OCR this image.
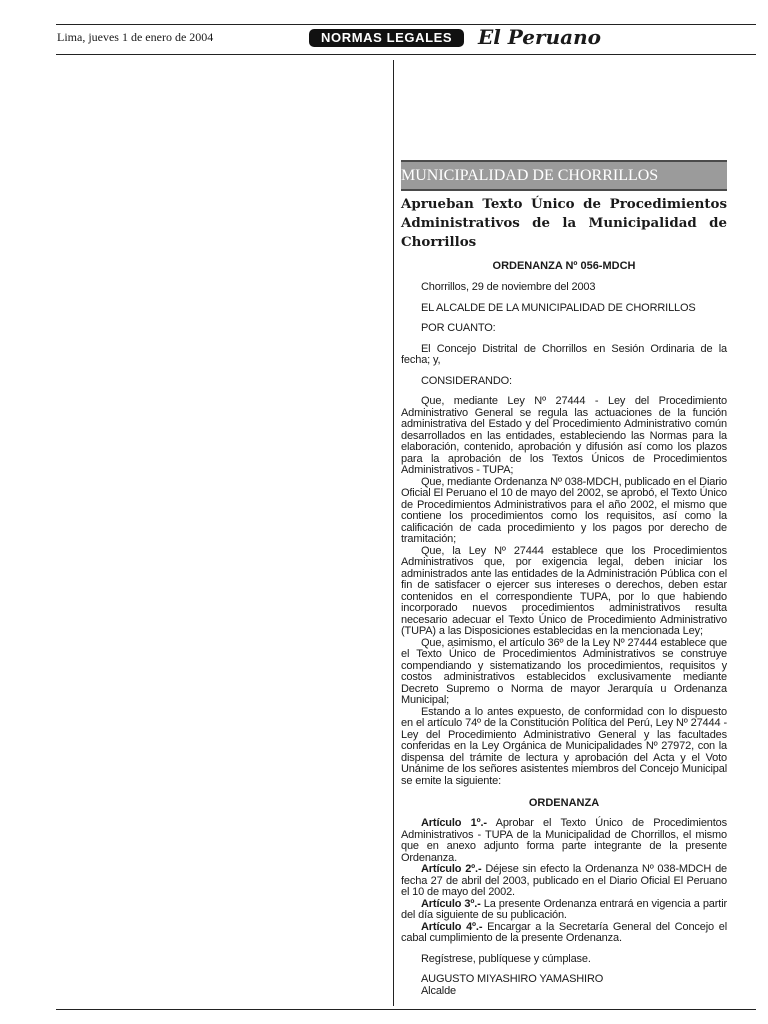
Lima, jueves 1 de enero de 2004	NORMAS LEGALES	El Peruano
MUNICIPALIDAD DE CHORRILLOS
Aprueban Texto Único de Procedimientos Administrativos de la Municipalidad de Chorrillos
ORDENANZA Nº 056-MDCH
Chorrillos, 29 de noviembre del 2003
EL ALCALDE DE LA MUNICIPALIDAD DE CHORRILLOS
POR CUANTO:
El Concejo Distrital de Chorrillos en Sesión Ordinaria de la fecha; y,
CONSIDERANDO:
Que, mediante Ley Nº 27444 - Ley del Procedimiento Administrativo General se regula las actuaciones de la función administrativa del Estado y del Procedimiento Administrativo común desarrollados en las entidades, estableciendo las Normas para la elaboración, contenido, aprobación y difusión así como los plazos para la aprobación de los Textos Únicos de Procedimientos Administrativos - TUPA;
Que, mediante Ordenanza Nº 038-MDCH, publicado en el Diario Oficial El Peruano el 10 de mayo del 2002, se aprobó, el Texto Único de Procedimientos Administrativos para el año 2002, el mismo que contiene los procedimientos como los requisitos, así como la calificación de cada procedimiento y los pagos por derecho de tramitación;
Que, la Ley Nº 27444 establece que los Procedimientos Administrativos que, por exigencia legal, deben iniciar los administrados ante las entidades de la Administración Pública con el fin de satisfacer o ejercer sus intereses o derechos, deben estar contenidos en el correspondiente TUPA, por lo que habiendo incorporado nuevos procedimientos administrativos resulta necesario adecuar el Texto Único de Procedimiento Administrativo (TUPA) a las Disposiciones establecidas en la mencionada Ley;
Que, asimismo, el artículo 36º de la Ley Nº 27444 establece que el Texto Único de Procedimientos Administrativos se construye compendiando y sistematizando los procedimientos, requisitos y costos administrativos establecidos exclusivamente mediante Decreto Supremo o Norma de mayor Jerarquía u Ordenanza Municipal;
Estando a lo antes expuesto, de conformidad con lo dispuesto en el artículo 74º de la Constitución Política del Perú, Ley Nº 27444 - Ley del Procedimiento Administrativo General y las facultades conferidas en la Ley Orgánica de Municipalidades Nº 27972, con la dispensa del trámite de lectura y aprobación del Acta y el Voto Unánime de los señores asistentes miembros del Concejo Municipal se emite la siguiente:
ORDENANZA
Artículo 1º.- Aprobar el Texto Único de Procedimientos Administrativos - TUPA de la Municipalidad de Chorrillos, el mismo que en anexo adjunto forma parte integrante de la presente Ordenanza.
Artículo 2º.- Déjese sin efecto la Ordenanza Nº 038-MDCH de fecha 27 de abril del 2003, publicado en el Diario Oficial El Peruano el 10 de mayo del 2002.
Artículo 3º.- La presente Ordenanza entrará en vigencia a partir del día siguiente de su publicación.
Artículo 4º.- Encargar a la Secretaría General del Concejo el cabal cumplimiento de la presente Ordenanza.
Regístrese, publíquese y cúmplase.
AUGUSTO MIYASHIRO YAMASHIRO
Alcalde
